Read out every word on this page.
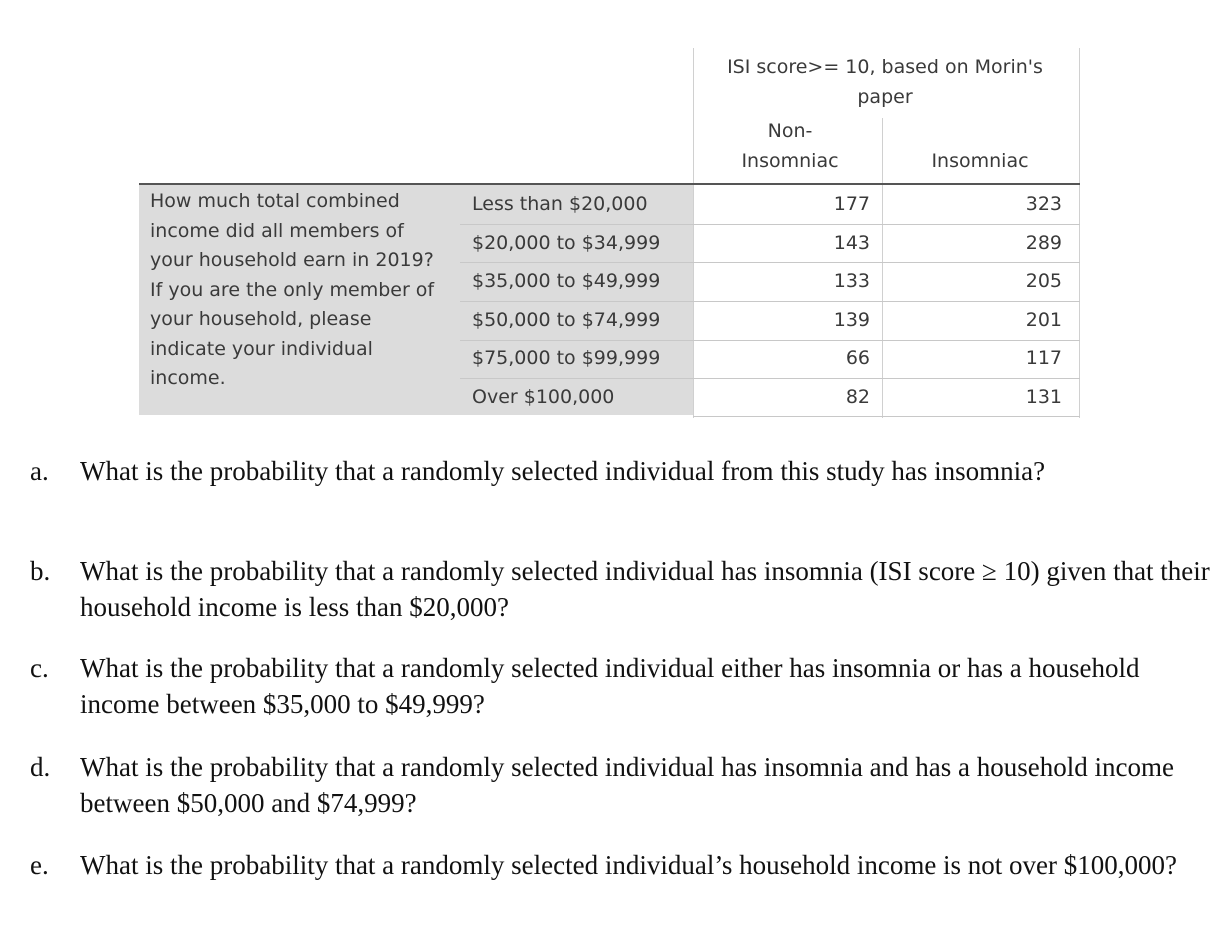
ISI score>= 10, based on Morin's paper
Non-Insomniac	Insomniac
How much total combined income did all members of your household earn in 2019? If you are the only member of your household, please indicate your individual income.
Less than $20,000	177	323
$20,000 to $34,999	143	289
$35,000 to $49,999	133	205
$50,000 to $74,999	139	201
$75,000 to $99,999	66	117
Over $100,000	82	131
a. What is the probability that a randomly selected individual from this study has insomnia?
b. What is the probability that a randomly selected individual has insomnia (ISI score ≥ 10) given that their household income is less than $20,000?
c. What is the probability that a randomly selected individual either has insomnia or has a household income between $35,000 to $49,999?
d. What is the probability that a randomly selected individual has insomnia and has a household income between $50,000 and $74,999?
e. What is the probability that a randomly selected individual’s household income is not over $100,000?
